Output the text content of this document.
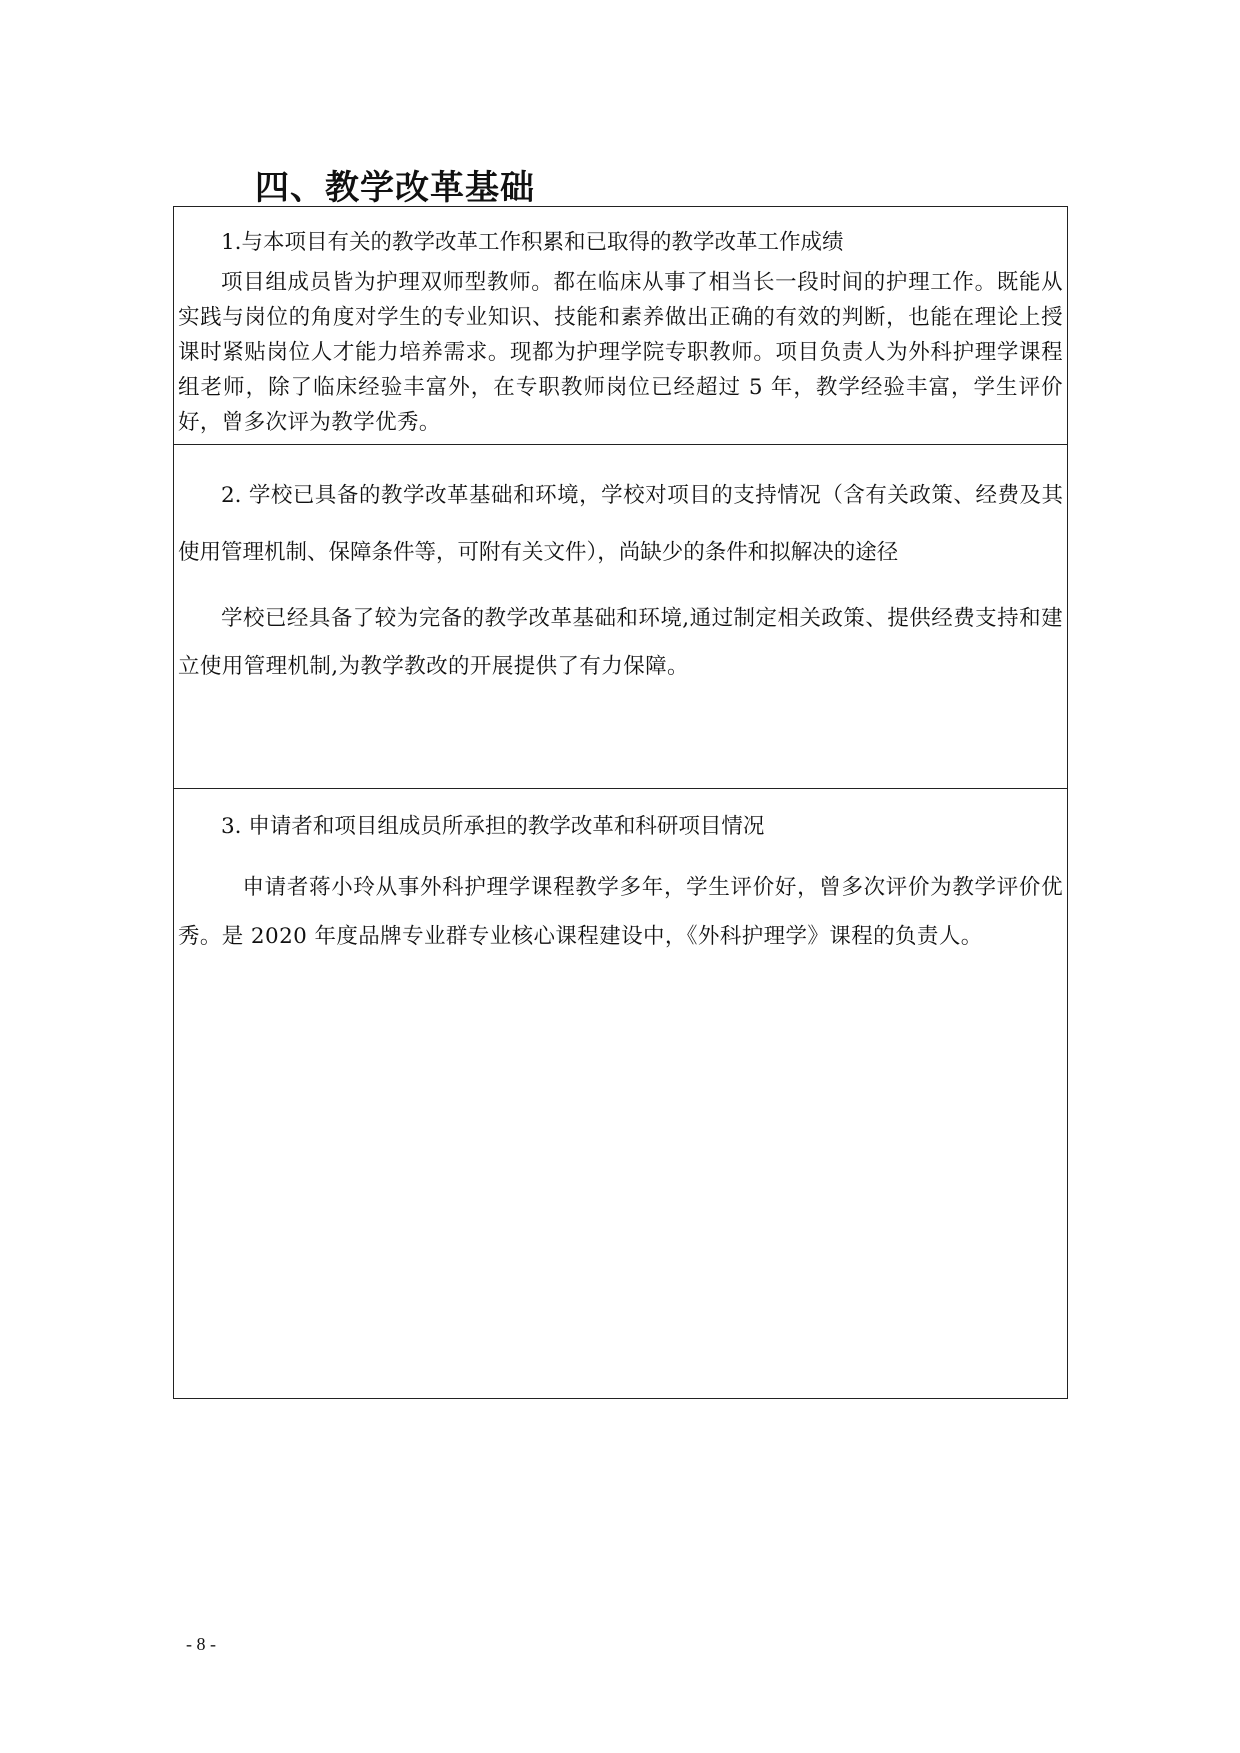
四、教学改革基础

1.与本项目有关的教学改革工作积累和已取得的教学改革工作成绩

项目组成员皆为护理双师型教师。都在临床从事了相当长一段时间的护理工作。既能从实践与岗位的角度对学生的专业知识、技能和素养做出正确的有效的判断，也能在理论上授课时紧贴岗位人才能力培养需求。现都为护理学院专职教师。项目负责人为外科护理学课程组老师，除了临床经验丰富外，在专职教师岗位已经超过 5 年，教学经验丰富，学生评价好，曾多次评为教学优秀。

2. 学校已具备的教学改革基础和环境，学校对项目的支持情况（含有关政策、经费及其使用管理机制、保障条件等，可附有关文件），尚缺少的条件和拟解决的途径

学校已经具备了较为完备的教学改革基础和环境,通过制定相关政策、提供经费支持和建立使用管理机制,为教学教改的开展提供了有力保障。

3. 申请者和项目组成员所承担的教学改革和科研项目情况

申请者蒋小玲从事外科护理学课程教学多年，学生评价好，曾多次评价为教学评价优秀。是 2020 年度品牌专业群专业核心课程建设中，《外科护理学》课程的负责人。

- 8 -
